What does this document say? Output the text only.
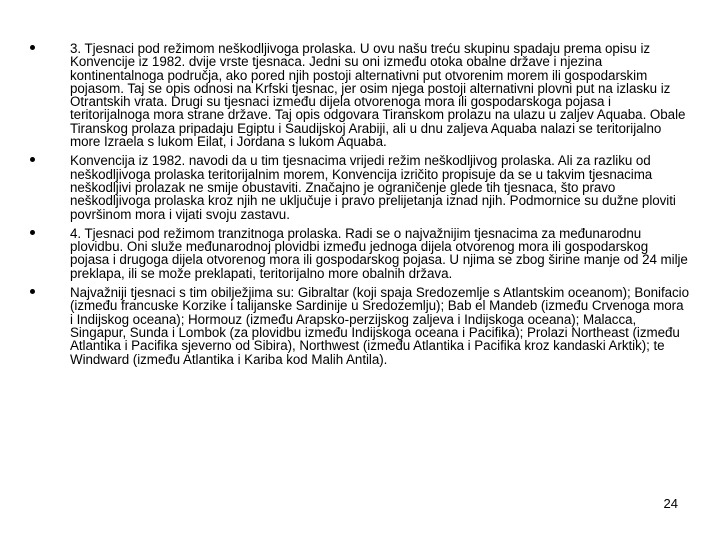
3. Tjesnaci pod režimom neškodljivoga prolaska. U ovu našu treću skupinu spadaju prema opisu iz Konvencije iz 1982. dvije vrste tjesnaca. Jedni su oni između otoka obalne države i njezina kontinentalnoga područja, ako pored njih postoji alternativni put otvorenim morem ili gospodarskim pojasom. Taj se opis odnosi na Krfski tjesnac, jer osim njega postoji alternativni plovni put na izlasku iz Otrantskih vrata. Drugi su tjesnaci između dijela otvorenoga mora ili gospodarskoga pojasa i teritorijalnoga mora strane države. Taj opis odgovara Tiranskom prolazu na ulazu u zaljev Aquaba. Obale Tiranskog prolaza pripadaju Egiptu i Saudijskoj Arabiji, ali u dnu zaljeva Aquaba nalazi se teritorijalno more Izraela s lukom Eilat, i Jordana s lukom Aquaba.
Konvencija iz 1982. navodi da u tim tjesnacima vrijedi režim neškodljivog prolaska. Ali za razliku od neškodljivoga prolaska teritorijalnim morem, Konvencija izričito propisuje da se u takvim tjesnacima neškodljivi prolazak ne smije obustaviti. Značajno je ograničenje glede tih tjesnaca, što pravo neškodljivoga prolaska kroz njih ne uključuje i pravo prelijetanja iznad njih. Podmornice su dužne ploviti površinom mora i vijati svoju zastavu.
4. Tjesnaci pod režimom tranzitnoga prolaska. Radi se o najvažnijim tjesnacima za međunarodnu plovidbu. Oni služe međunarodnoj plovidbi između jednoga dijela otvorenog mora ili gospodarskog pojasa i drugoga dijela otvorenog mora ili gospodarskog pojasa. U njima se zbog širine manje od 24 milje preklapa, ili se može preklapati, teritorijalno more obalnih država.
Najvažniji tjesnaci s tim obilježjima su: Gibraltar (koji spaja Sredozemlje s Atlantskim oceanom); Bonifacio (između francuske Korzike i talijanske Sardinije u Sredozemlju); Bab el Mandeb (između Crvenoga mora i Indijskog oceana); Hormouz (između Arapsko-perzijskog zaljeva i Indijskoga oceana); Malacca, Singapur, Sunda i Lombok (za plovidbu između Indijskoga oceana i Pacifika); Prolazi Northeast (između Atlantika i Pacifika sjeverno od Sibira), Northwest (između Atlantika i Pacifika kroz kandaski Arktik); te Windward (između Atlantika i Kariba kod Malih Antila).
24
